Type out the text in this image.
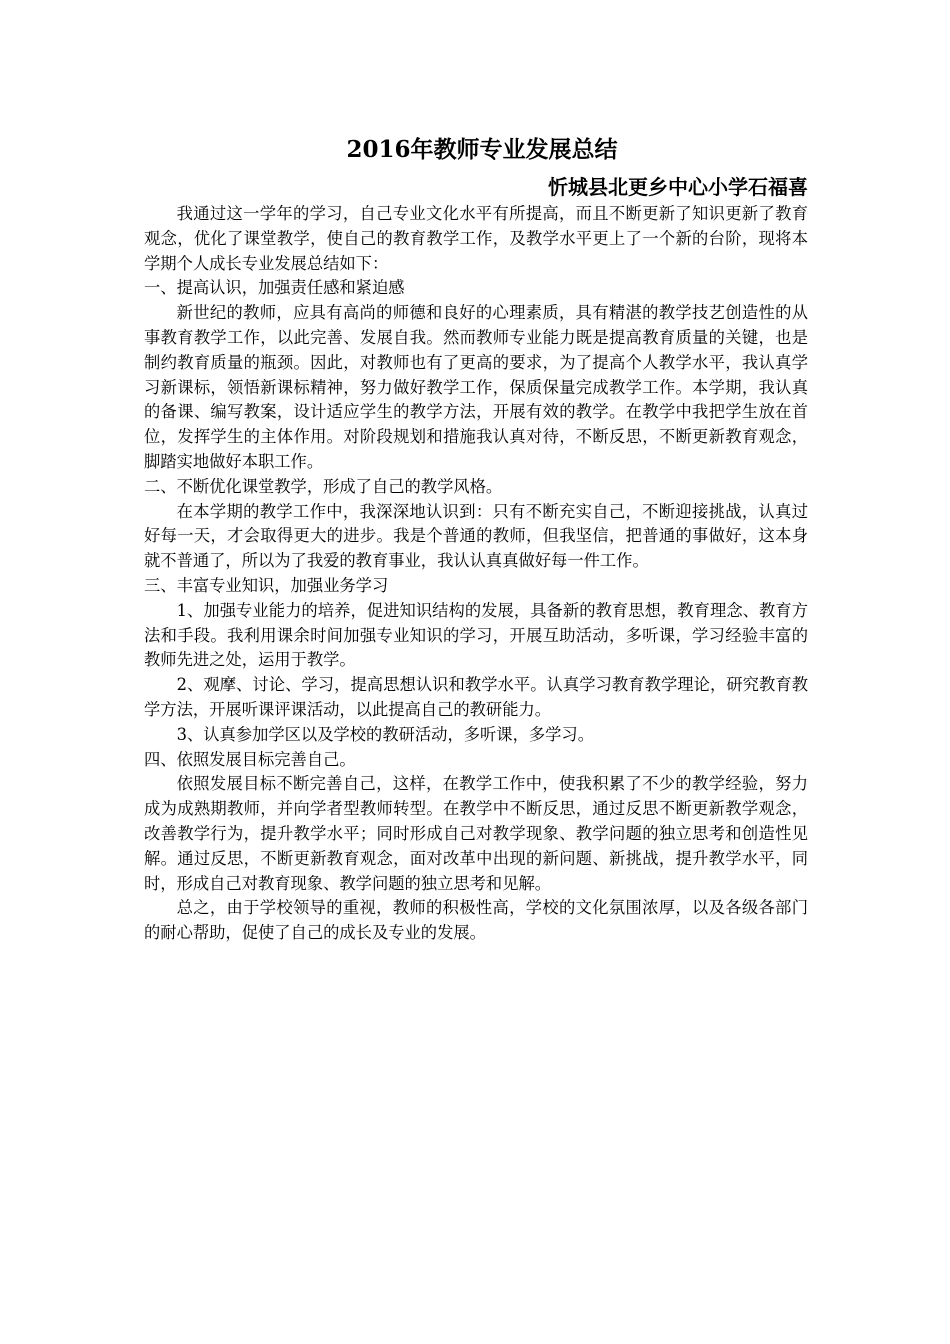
2016年教师专业发展总结
忻城县北更乡中心小学石福喜

我通过这一学年的学习，自己专业文化水平有所提高，而且不断更新了知识更新了教育观念，优化了课堂教学，使自己的教育教学工作，及教学水平更上了一个新的台阶，现将本学期个人成长专业发展总结如下：

一、提高认识，加强责任感和紧迫感

新世纪的教师，应具有高尚的师德和良好的心理素质，具有精湛的教学技艺创造性的从事教育教学工作，以此完善、发展自我。然而教师专业能力既是提高教育质量的关键，也是制约教育质量的瓶颈。因此，对教师也有了更高的要求，为了提高个人教学水平，我认真学习新课标，领悟新课标精神，努力做好教学工作，保质保量完成教学工作。本学期，我认真的备课、编写教案，设计适应学生的教学方法，开展有效的教学。在教学中我把学生放在首位，发挥学生的主体作用。对阶段规划和措施我认真对待，不断反思，不断更新教育观念，脚踏实地做好本职工作。

二、不断优化课堂教学，形成了自己的教学风格。

在本学期的教学工作中，我深深地认识到：只有不断充实自己，不断迎接挑战，认真过好每一天，才会取得更大的进步。我是个普通的教师，但我坚信，把普通的事做好，这本身就不普通了，所以为了我爱的教育事业，我认认真真做好每一件工作。

三、丰富专业知识，加强业务学习

1、加强专业能力的培养，促进知识结构的发展，具备新的教育思想，教育理念、教育方法和手段。我利用课余时间加强专业知识的学习，开展互助活动，多听课，学习经验丰富的教师先进之处，运用于教学。

2、观摩、讨论、学习，提高思想认识和教学水平。认真学习教育教学理论，研究教育教学方法，开展听课评课活动，以此提高自己的教研能力。

3、认真参加学区以及学校的教研活动，多听课，多学习。

四、依照发展目标完善自己。

依照发展目标不断完善自己，这样，在教学工作中，使我积累了不少的教学经验，努力成为成熟期教师，并向学者型教师转型。在教学中不断反思，通过反思不断更新教学观念，改善教学行为，提升教学水平；同时形成自己对教学现象、教学问题的独立思考和创造性见解。通过反思，不断更新教育观念，面对改革中出现的新问题、新挑战，提升教学水平，同时，形成自己对教育现象、教学问题的独立思考和见解。

总之，由于学校领导的重视，教师的积极性高，学校的文化氛围浓厚，以及各级各部门的耐心帮助，促使了自己的成长及专业的发展。
